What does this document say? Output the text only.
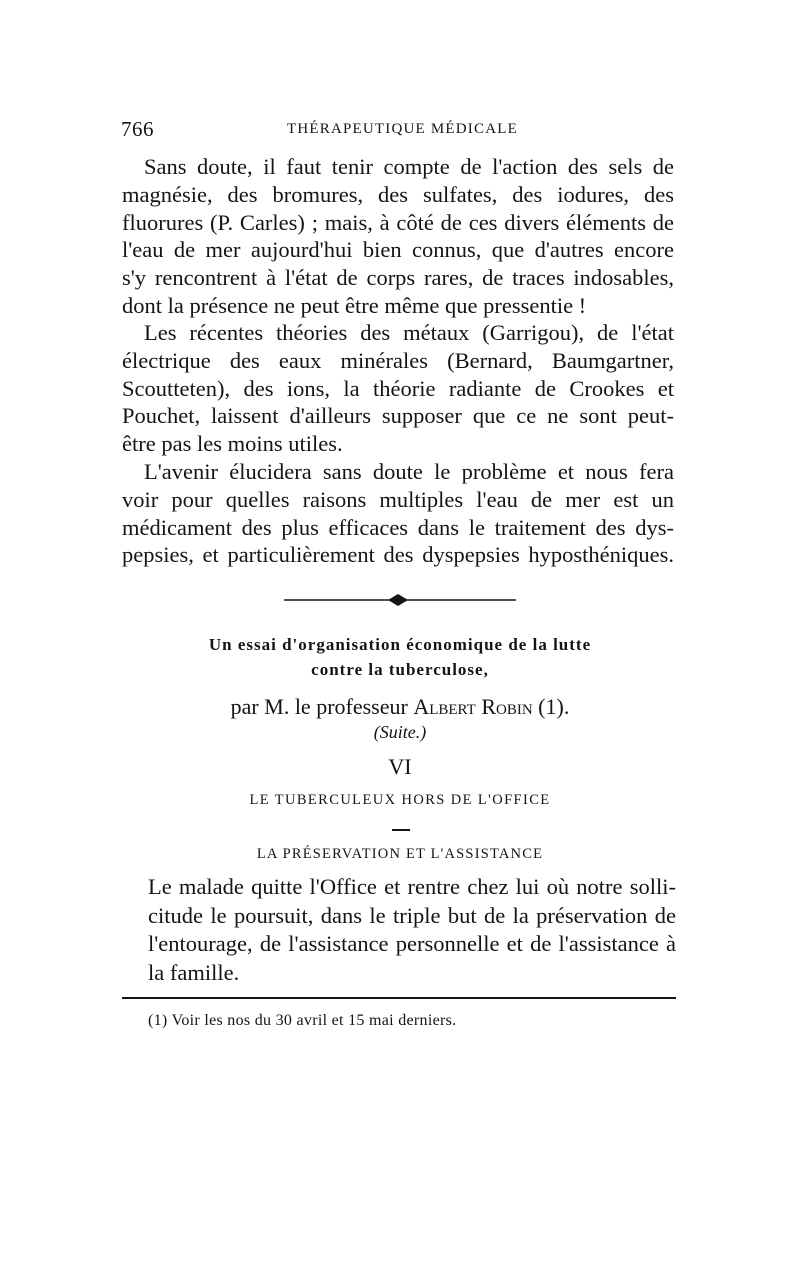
766	THÉRAPEUTIQUE MÉDICALE
Sans doute, il faut tenir compte de l'action des sels de
magnésie, des bromures, des sulfates, des iodures, des
fluorures (P. Carles) ; mais, à côté de ces divers éléments de
l'eau de mer aujourd'hui bien connus, que d'autres encore
s'y rencontrent à l'état de corps rares, de traces indosables,
dont la présence ne peut être même que pressentie !
Les récentes théories des métaux (Garrigou), de l'état
électrique des eaux minérales (Bernard, Baumgartner,
Scoutteten), des ions, la théorie radiante de Crookes et
Pouchet, laissent d'ailleurs supposer que ce ne sont peut-
être pas les moins utiles.
L'avenir élucidera sans doute le problème et nous fera
voir pour quelles raisons multiples l'eau de mer est un
médicament des plus efficaces dans le traitement des dys-
pepsies, et particulièrement des dyspepsies hyposthéniques.
Un essai d'organisation économique de la lutte
contre la tuberculose,
par M. le professeur Albert Robin (1).
(Suite.)
VI
LE TUBERCULEUX HORS DE L'OFFICE
LA PRÉSERVATION ET L'ASSISTANCE
Le malade quitte l'Office et rentre chez lui où notre solli-
citude le poursuit, dans le triple but de la préservation de
l'entourage, de l'assistance personnelle et de l'assistance à
la famille.
(1) Voir les nos du 30 avril et 15 mai derniers.
